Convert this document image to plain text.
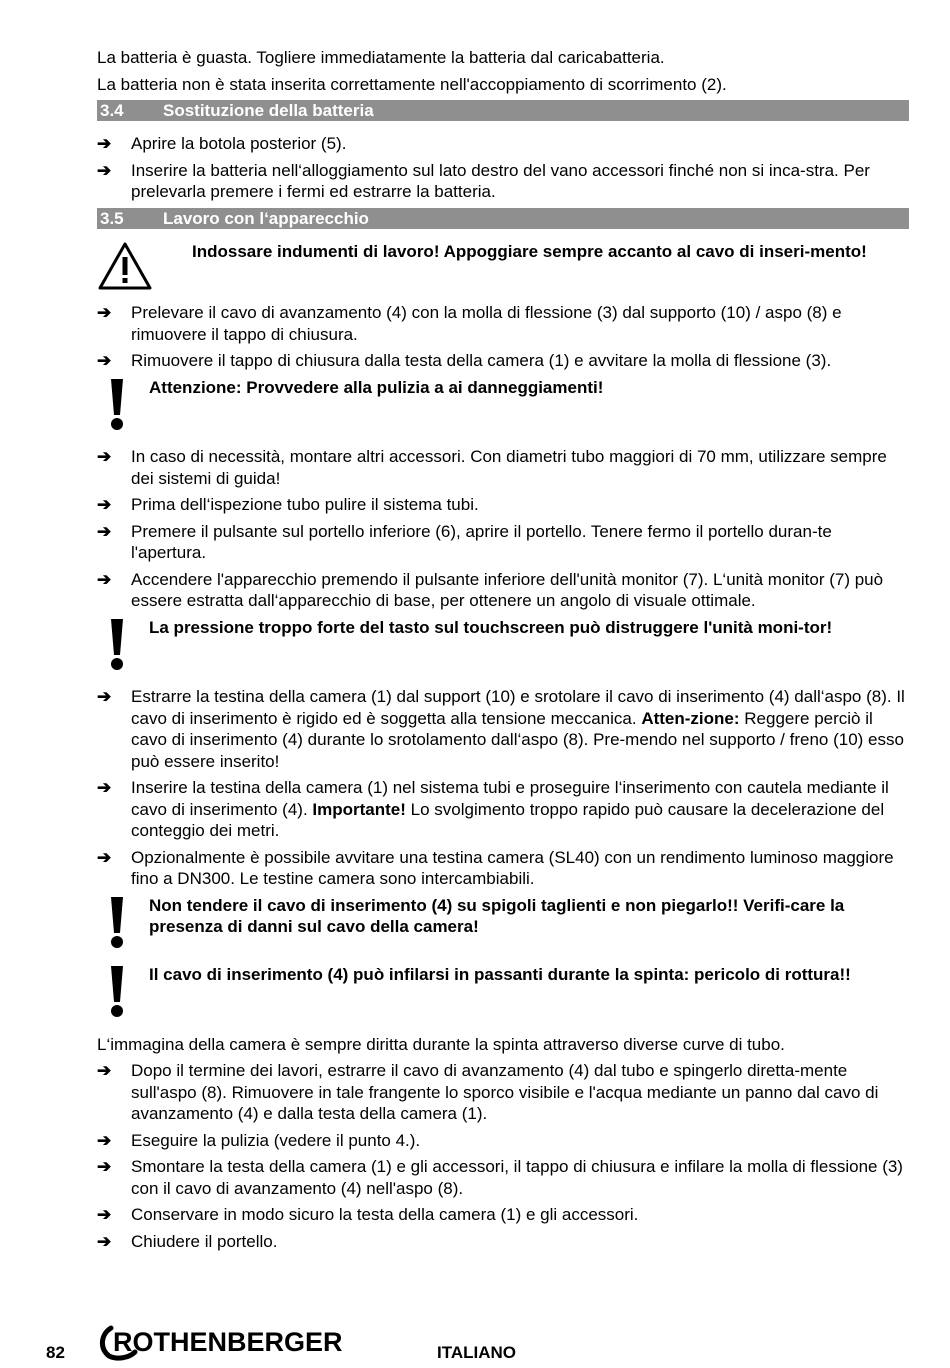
La batteria è guasta. Togliere immediatamente la batteria dal caricabatteria.
La batteria non è stata inserita correttamente nell'accoppiamento di scorrimento (2).
3.4	Sostituzione della batteria
➔	Aprire la botola posterior (5).
➔	Inserire la batteria nell‘alloggiamento sul lato destro del vano accessori finché non si inca-stra. Per prelevarla premere i fermi ed estrarre la batteria.
3.5	Lavoro con l‘apparecchio
Indossare indumenti di lavoro! Appoggiare sempre accanto al cavo di inseri-mento!
➔	Prelevare il cavo di avanzamento (4) con la molla di flessione (3) dal supporto (10) / aspo (8) e rimuovere il tappo di chiusura.
➔	Rimuovere il tappo di chiusura dalla testa della camera (1) e avvitare la molla di flessione (3).
Attenzione: Provvedere alla pulizia a ai danneggiamenti!
➔	In caso di necessità, montare altri accessori. Con diametri tubo maggiori di 70 mm, utilizzare sempre dei sistemi di guida!
➔	Prima dell‘ispezione tubo pulire il sistema tubi.
➔	Premere il pulsante sul portello inferiore (6), aprire il portello. Tenere fermo il portello duran-te l'apertura.
➔	Accendere l'apparecchio premendo il pulsante inferiore dell'unità monitor (7). L‘unità monitor (7) può essere estratta dall‘apparecchio di base, per ottenere un angolo di visuale ottimale.
La pressione troppo forte del tasto sul touchscreen può distruggere l'unità moni-tor!
➔	Estrarre la testina della camera (1) dal support (10) e srotolare il cavo di inserimento (4) dall‘aspo (8). Il cavo di inserimento è rigido ed è soggetta alla tensione meccanica. Atten-zione: Reggere perciò il cavo di inserimento (4) durante lo srotolamento dall‘aspo (8). Pre-mendo nel supporto / freno (10) esso può essere inserito!
➔	Inserire la testina della camera (1) nel sistema tubi e proseguire l‘inserimento con cautela mediante il cavo di inserimento (4). Importante! Lo svolgimento troppo rapido può causare la decelerazione del conteggio dei metri.
➔	Opzionalmente è possibile avvitare una testina camera (SL40) con un rendimento luminoso maggiore fino a DN300. Le testine camera sono intercambiabili.
Non tendere il cavo di inserimento (4) su spigoli taglienti e non piegarlo!! Verifi-care la presenza di danni sul cavo della camera!
Il cavo di inserimento (4) può infilarsi in passanti durante la spinta: pericolo di rottura!!
L‘immagina della camera è sempre diritta durante la spinta attraverso diverse curve di tubo.
➔	Dopo il termine dei lavori, estrarre il cavo di avanzamento (4) dal tubo e spingerlo diretta-mente sull'aspo (8). Rimuovere in tale frangente lo sporco visibile e l'acqua mediante un panno dal cavo di avanzamento (4) e dalla testa della camera (1).
➔	Eseguire la pulizia (vedere il punto 4.).
➔	Smontare la testa della camera (1) e gli accessori, il tappo di chiusura e infilare la molla di flessione (3) con il cavo di avanzamento (4) nell'aspo (8).
➔	Conservare in modo sicuro la testa della camera (1) e gli accessori.
➔	Chiudere il portello.
82 ROTHENBERGER	ITALIANO
